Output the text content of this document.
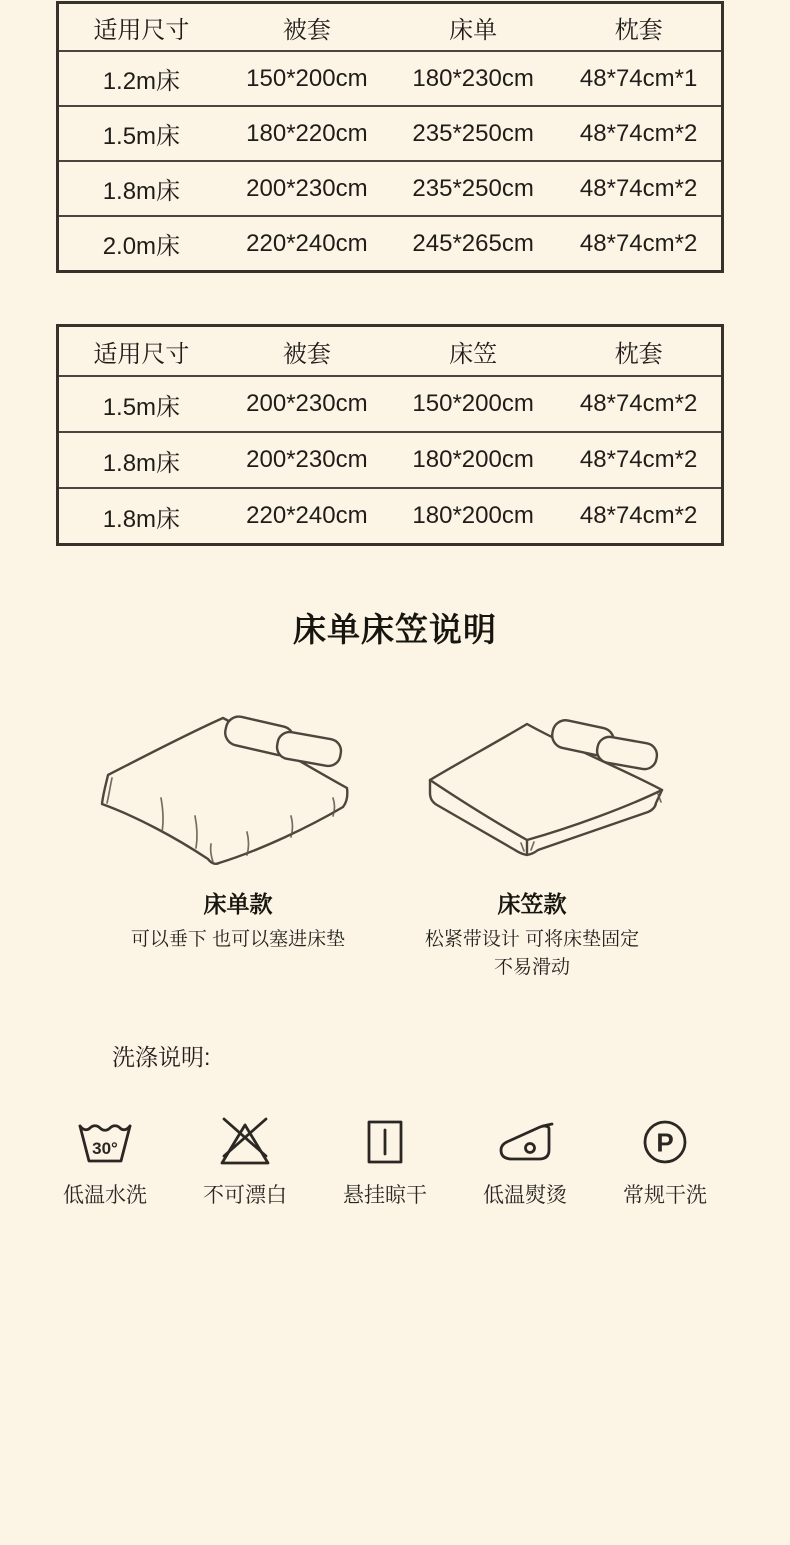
适用尺寸	被套	床单	枕套
1.2m床	150*200cm	180*230cm	48*74cm*1
1.5m床	180*220cm	235*250cm	48*74cm*2
1.8m床	200*230cm	235*250cm	48*74cm*2
2.0m床	220*240cm	245*265cm	48*74cm*2
适用尺寸	被套	床笠	枕套
1.5m床	200*230cm	150*200cm	48*74cm*2
1.8m床	200*230cm	180*200cm	48*74cm*2
1.8m床	220*240cm	180*200cm	48*74cm*2
床单床笠说明
床单款
可以垂下 也可以塞进床垫
床笠款
松紧带设计 可将床垫固定
不易滑动
洗涤说明:
30°
低温水洗	不可漂白	悬挂晾干	低温熨烫
P
常规干洗
